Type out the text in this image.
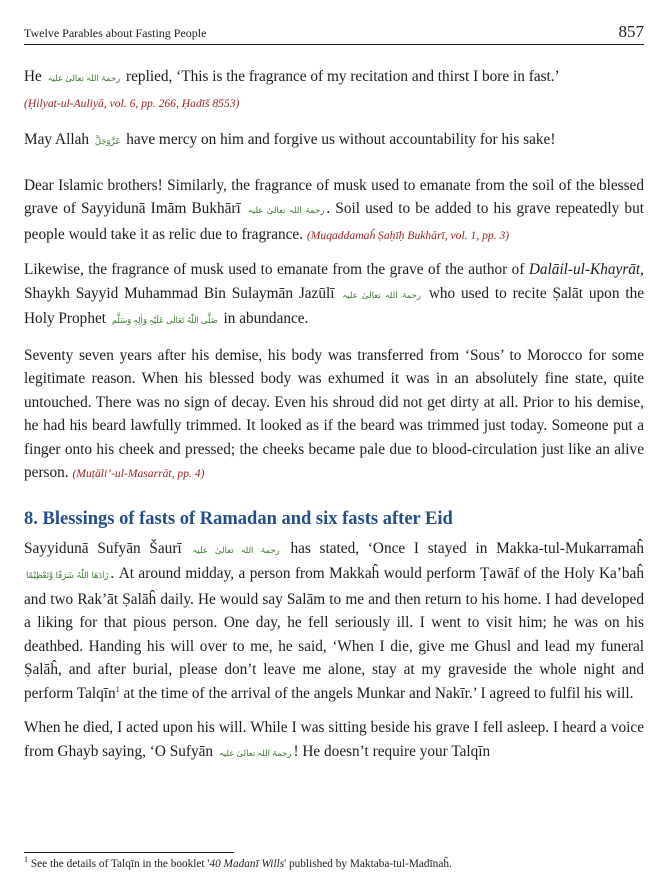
Twelve Parables about Fasting People	857

He رحمۃ اللہ تعالیٰ علیہ replied, ‘This is the fragrance of my recitation and thirst I bore in fast.’
(Ḥilyat-ul-Auliyā, vol. 6, pp. 266, Ḥadīš 8553)

May Allah عَزَّوَجَلَّ have mercy on him and forgive us without accountability for his sake!

Dear Islamic brothers! Similarly, the fragrance of musk used to emanate from the soil of the blessed grave of Sayyidunā Imām Bukhārī رحمۃ اللہ تعالیٰ علیہ . Soil used to be added to his grave repeatedly but people would take it as relic due to fragrance. (Muqaddamaĥ Ṣaḥīḥ Bukhārī, vol. 1, pp. 3)

Likewise, the fragrance of musk used to emanate from the grave of the author of Dalāil-ul-Khayrāt, Shaykh Sayyid Muhammad Bin Sulaymān Jazūlī رحمۃ اللہ تعالیٰ علیہ who used to recite Ṣalāt upon the Holy Prophet صَلَّی اللّٰہُ تَعَالٰی عَلَیْہِ وَاٰلِہٖ وَسَلَّم in abundance.

Seventy seven years after his demise, his body was transferred from ‘Sous’ to Morocco for some legitimate reason. When his blessed body was exhumed it was in an absolutely fine state, quite untouched. There was no sign of decay. Even his shroud did not get dirty at all. Prior to his demise, he had his beard lawfully trimmed. It looked as if the beard was trimmed just today. Someone put a finger onto his cheek and pressed; the cheeks became pale due to blood-circulation just like an alive person. (Muṭāli’-ul-Masarrāt, pp. 4)

8. Blessings of fasts of Ramadan and six fasts after Eid

Sayyidunā Sufyān Šaurī رحمۃ اللہ تعالیٰ علیہ has stated, ‘Once I stayed in Makka-tul-Mukarramaĥ زَادَھَا اللّٰہُ شَرَفًا وَّتَعْظِیْمًا . At around midday, a person from Makkaĥ would perform Ṭawāf of the Holy Ka’baĥ and two Rak’āt Ṣalāĥ daily. He would say Salām to me and then return to his home. I had developed a liking for that pious person. One day, he fell seriously ill. I went to visit him; he was on his deathbed. Handing his will over to me, he said, ‘When I die, give me Ghusl and lead my funeral Ṣalāĥ, and after burial, please don’t leave me alone, stay at my graveside the whole night and perform Talqīn$^1$ at the time of the arrival of the angels Munkar and Nakīr.’ I agreed to fulfil his will.

When he died, I acted upon his will. While I was sitting beside his grave I fell asleep. I heard a voice from Ghayb saying, ‘O Sufyān رحمۃ اللہ تعالیٰ علیہ ! He doesn’t require your Talqīn

$^1$ See the details of Talqīn in the booklet '40 Madanī Wills' published by Maktaba-tul-Madīnaĥ.
